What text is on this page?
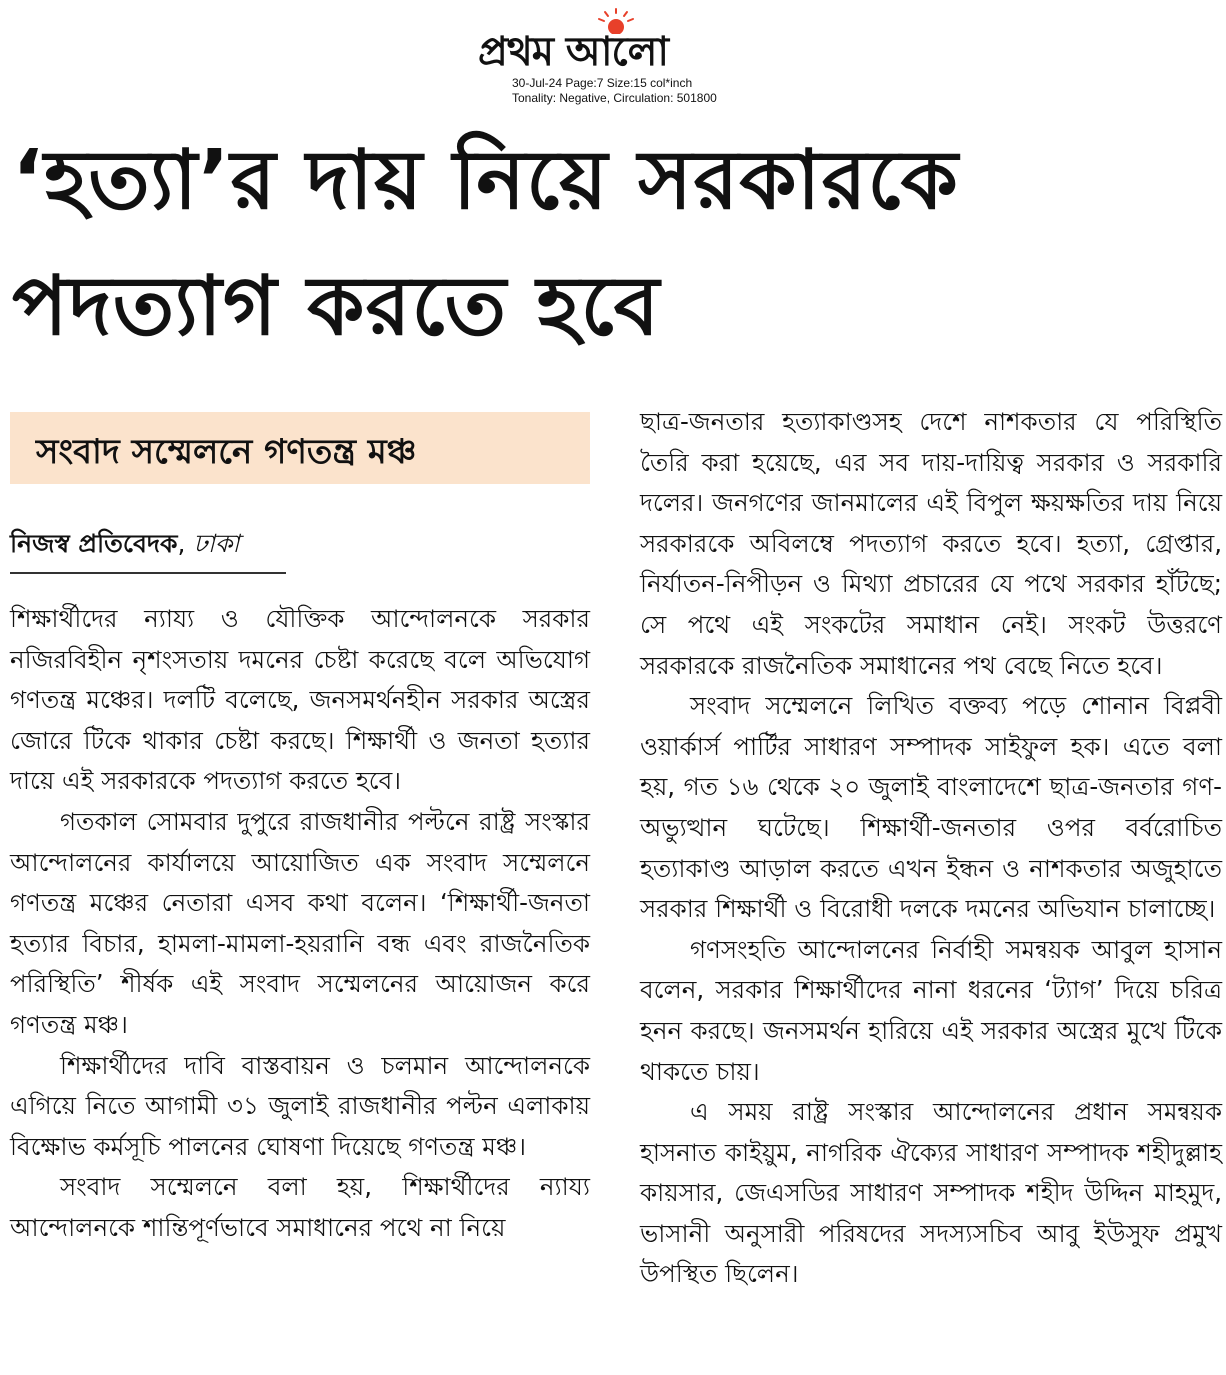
প্রথম আলো
30-Jul-24 Page:7 Size:15 col*inch
Tonality: Negative, Circulation: 501800
‘হত্যা’র দায় নিয়ে সরকারকে পদত্যাগ করতে হবে
সংবাদ সম্মেলনে গণতন্ত্র মঞ্চ
নিজস্ব প্রতিবেদক, ঢাকা

শিক্ষার্থীদের ন্যায্য ও যৌক্তিক আন্দোলনকে সরকার নজিরবিহীন নৃশংসতায় দমনের চেষ্টা করেছে বলে অভিযোগ গণতন্ত্র মঞ্চের। দলটি বলেছে, জনসমর্থনহীন সরকার অস্ত্রের জোরে টিকে থাকার চেষ্টা করছে। শিক্ষার্থী ও জনতা হত্যার দায়ে এই সরকারকে পদত্যাগ করতে হবে।

গতকাল সোমবার দুপুরে রাজধানীর পল্টনে রাষ্ট্র সংস্কার আন্দোলনের কার্যালয়ে আয়োজিত এক সংবাদ সম্মেলনে গণতন্ত্র মঞ্চের নেতারা এসব কথা বলেন। ‘শিক্ষার্থী-জনতা হত্যার বিচার, হামলা-মামলা-হয়রানি বন্ধ এবং রাজনৈতিক পরিস্থিতি’ শীর্ষক এই সংবাদ সম্মেলনের আয়োজন করে গণতন্ত্র মঞ্চ।

শিক্ষার্থীদের দাবি বাস্তবায়ন ও চলমান আন্দোলনকে এগিয়ে নিতে আগামী ৩১ জুলাই রাজধানীর পল্টন এলাকায় বিক্ষোভ কর্মসূচি পালনের ঘোষণা দিয়েছে গণতন্ত্র মঞ্চ।

সংবাদ সম্মেলনে বলা হয়, শিক্ষার্থীদের ন্যায্য আন্দোলনকে শান্তিপূর্ণভাবে সমাধানের পথে না নিয়ে

ছাত্র-জনতার হত্যাকাণ্ডসহ দেশে নাশকতার যে পরিস্থিতি তৈরি করা হয়েছে, এর সব দায়-দায়িত্ব সরকার ও সরকারি দলের। জনগণের জানমালের এই বিপুল ক্ষয়ক্ষতির দায় নিয়ে সরকারকে অবিলম্বে পদত্যাগ করতে হবে। হত্যা, গ্রেপ্তার, নির্যাতন-নিপীড়ন ও মিথ্যা প্রচারের যে পথে সরকার হাঁটছে; সে পথে এই সংকটের সমাধান নেই। সংকট উত্তরণে সরকারকে রাজনৈতিক সমাধানের পথ বেছে নিতে হবে।

সংবাদ সম্মেলনে লিখিত বক্তব্য পড়ে শোনান বিপ্লবী ওয়ার্কার্স পার্টির সাধারণ সম্পাদক সাইফুল হক। এতে বলা হয়, গত ১৬ থেকে ২০ জুলাই বাংলাদেশে ছাত্র-জনতার গণ-অভ্যুত্থান ঘটেছে। শিক্ষার্থী-জনতার ওপর বর্বরোচিত হত্যাকাণ্ড আড়াল করতে এখন ইন্ধন ও নাশকতার অজুহাতে সরকার শিক্ষার্থী ও বিরোধী দলকে দমনের অভিযান চালাচ্ছে।

গণসংহতি আন্দোলনের নির্বাহী সমন্বয়ক আবুল হাসান বলেন, সরকার শিক্ষার্থীদের নানা ধরনের ‘ট্যাগ’ দিয়ে চরিত্র হনন করছে। জনসমর্থন হারিয়ে এই সরকার অস্ত্রের মুখে টিকে থাকতে চায়।

এ সময় রাষ্ট্র সংস্কার আন্দোলনের প্রধান সমন্বয়ক হাসনাত কাইয়ুম, নাগরিক ঐক্যের সাধারণ সম্পাদক শহীদুল্লাহ কায়সার, জেএসডির সাধারণ সম্পাদক শহীদ উদ্দিন মাহমুদ, ভাসানী অনুসারী পরিষদের সদস্যসচিব আবু ইউসুফ প্রমুখ উপস্থিত ছিলেন।
